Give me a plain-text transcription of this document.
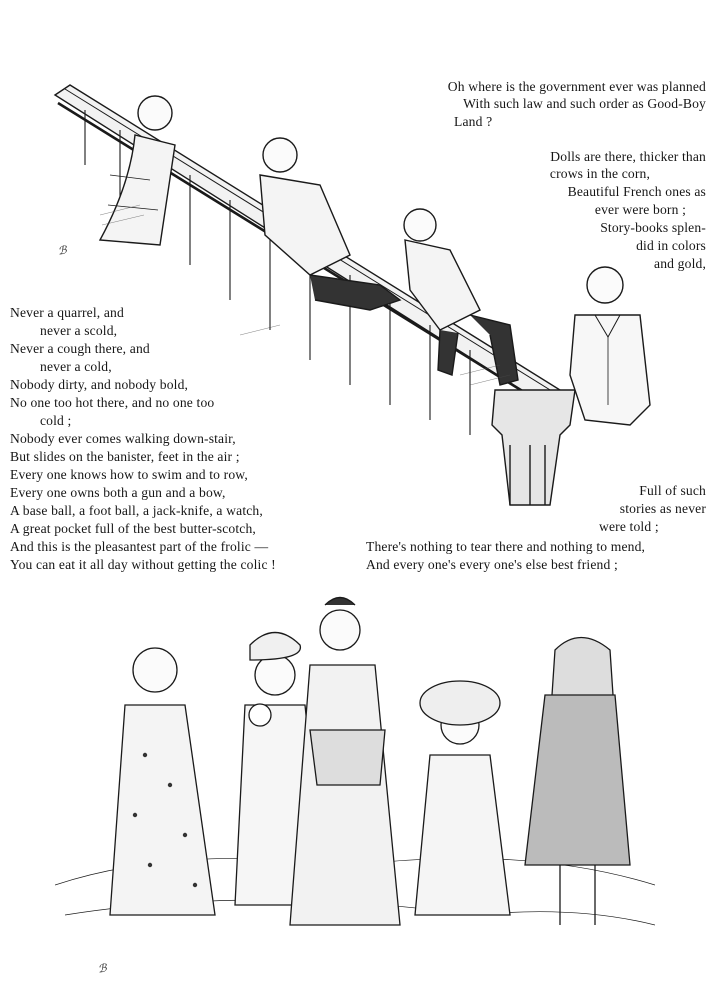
ℬ
ℬ
Oh where is the government ever was planned
With such law and such order as Good-Boy
Land ?
Dolls are there, thicker than
crows in the corn,
Beautiful French ones as
ever were born ;
Story-books splen-
did in colors
and gold,
Never a quarrel, and
never a scold,
Never a cough there, and
never a cold,
Nobody dirty, and nobody bold,
No one too hot there, and no one too
cold ;
Nobody ever comes walking down-stair,
But slides on the banister, feet in the air ;
Every one knows how to swim and to row,
Every one owns both a gun and a bow,
A base ball, a foot ball, a jack-knife, a watch,
A great pocket full of the best butter-scotch,
And this is the pleasantest part of the frolic —
You can eat it all day without getting the colic !
Full of such
stories as never
were told ;
There's nothing to tear there and nothing to mend,
And every one's every one's else best friend ;
